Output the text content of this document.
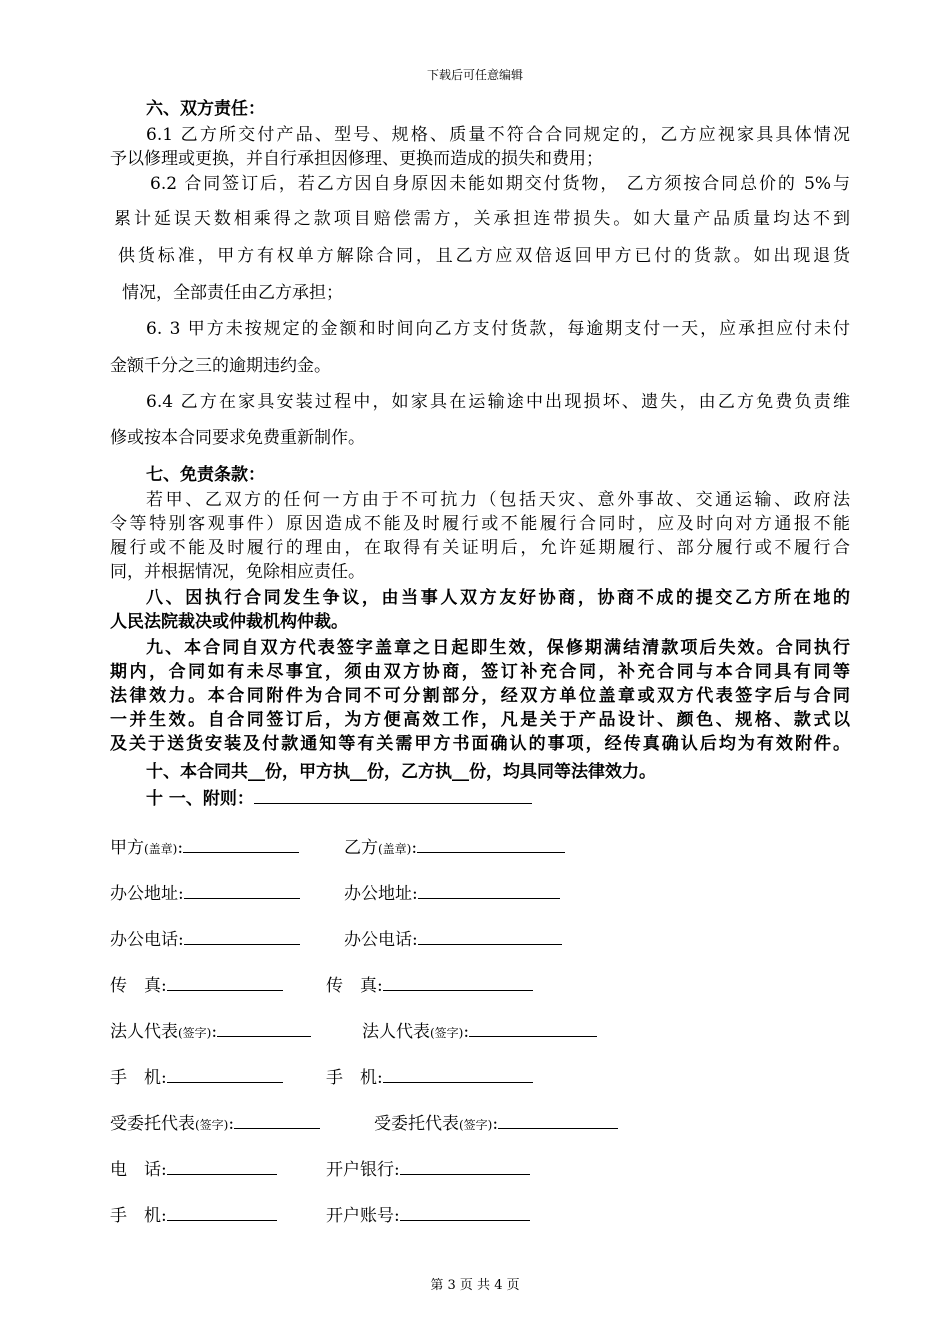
下载后可任意编辑
六、双方责任：
6.1 乙方所交付产品、型号、规格、质量不符合合同规定的，乙方应视家具具体情况
予以修理或更换，并自行承担因修理、更换而造成的损失和费用；
6.2 合同签订后，若乙方因自身原因未能如期交付货物， 乙方须按合同总价的 5%与
累计延误天数相乘得之款项目赔偿需方，关承担连带损失。如大量产品质量均达不到
供货标准，甲方有权单方解除合同，且乙方应双倍返回甲方已付的货款。如出现退货
情况，全部责任由乙方承担；
6. 3 甲方未按规定的金额和时间向乙方支付货款，每逾期支付一天，应承担应付未付
金额千分之三的逾期违约金。
6.4 乙方在家具安装过程中，如家具在运输途中出现损坏、遗失，由乙方免费负责维
修或按本合同要求免费重新制作。
七、免责条款：
若甲、乙双方的任何一方由于不可抗力（包括天灾、意外事故、交通运输、政府法
令等特别客观事件）原因造成不能及时履行或不能履行合同时，应及时向对方通报不能
履行或不能及时履行的理由，在取得有关证明后，允许延期履行、部分履行或不履行合
同，并根据情况，免除相应责任。
八、因执行合同发生争议，由当事人双方友好协商，协商不成的提交乙方所在地的
人民法院裁决或仲裁机构仲裁。
九、本合同自双方代表签字盖章之日起即生效，保修期满结清款项后失效。合同执行
期内，合同如有未尽事宜，须由双方协商，签订补充合同，补充合同与本合同具有同等
法律效力。本合同附件为合同不可分割部分，经双方单位盖章或双方代表签字后与合同
一并生效。自合同签订后，为方便高效工作，凡是关于产品设计、颜色、规格、款式以
及关于送货安装及付款通知等有关需甲方书面确认的事项，经传真确认后均为有效附件。
十、本合同共__份，甲方执__份，乙方执__份，均具同等法律效力。
十 一、附则：
甲方(盖章):	乙方(盖章):
办公地址:	办公地址:
办公电话:	办公电话:
传　真:	传　真:
法人代表(签字):	法人代表(签字):
手　机:	手　机:
受委托代表(签字):	受委托代表(签字):
电　话:	开户银行:
手　机:	开户账号:
第 3 页 共 4 页
